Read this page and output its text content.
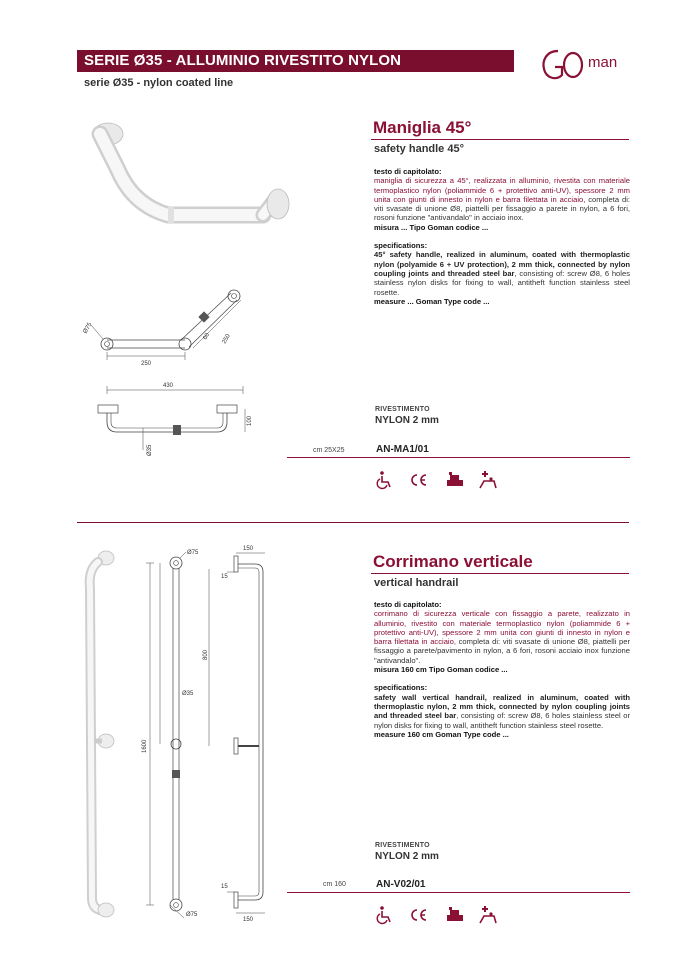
SERIE Ø35 - ALLUMINIO RIVESTITO NYLON
serie Ø35 - nylon coated line
man
250
250
60
Ø75
430
100
Ø35
Maniglia 45°
safety handle 45°
testo di capitolato:
maniglia di sicurezza a 45°, realizzata in alluminio, rivestita con materiale termoplastico nylon (poliammide 6 + protettivo anti-UV), spessore 2 mm unita con giunti di innesto in nylon e barra filettata in acciaio, completa di: viti svasate di unione Ø8, piattelli per fissaggio a parete in nylon, a 6 fori, rosoni funzione "antivandalo" in acciaio inox.
misura ... Tipo Goman codice ...
specifications:
45° safety handle, realized in aluminum, coated with thermoplastic nylon (polyamide 6 + UV protection), 2 mm thick, connected by nylon coupling joints and threaded steel bar, consisting of: screw Ø8, 6 holes stainless nylon disks for fixing to wall, antitheft function stainless steel rosette.
measure ... Goman Type code ...
RIVESTIMENTO
NYLON 2 mm
cm 25X25	AN-MA1/01
Ø75
Ø35
1600
Ø75
150
15
15
150
800
Corrimano verticale
vertical handrail
testo di capitolato:
corrimano di sicurezza verticale con fissaggio a parete, realizzato in alluminio, rivestito con materiale termoplastico nylon (poliammide 6 + protettivo anti-UV), spessore 2 mm unita con giunti di innesto in nylon e barra filettata in acciaio, completa di: viti svasate di unione Ø8, piattelli per fissaggio a parete/pavimento in nylon, a 6 fori, rosoni acciaio inox funzione "antivandalo".
misura 160 cm Tipo Goman codice ...
specifications:
safety wall vertical handrail, realized in aluminum, coated with thermoplastic nylon, 2 mm thick, connected by nylon coupling joints and threaded steel bar, consisting of: screw Ø8, 6 holes stainless steel or nylon disks for fixing to wall, antitheft function stainless steel rosette.
measure 160 cm Goman Type code ...
RIVESTIMENTO
NYLON 2 mm
cm 160	AN-V02/01
